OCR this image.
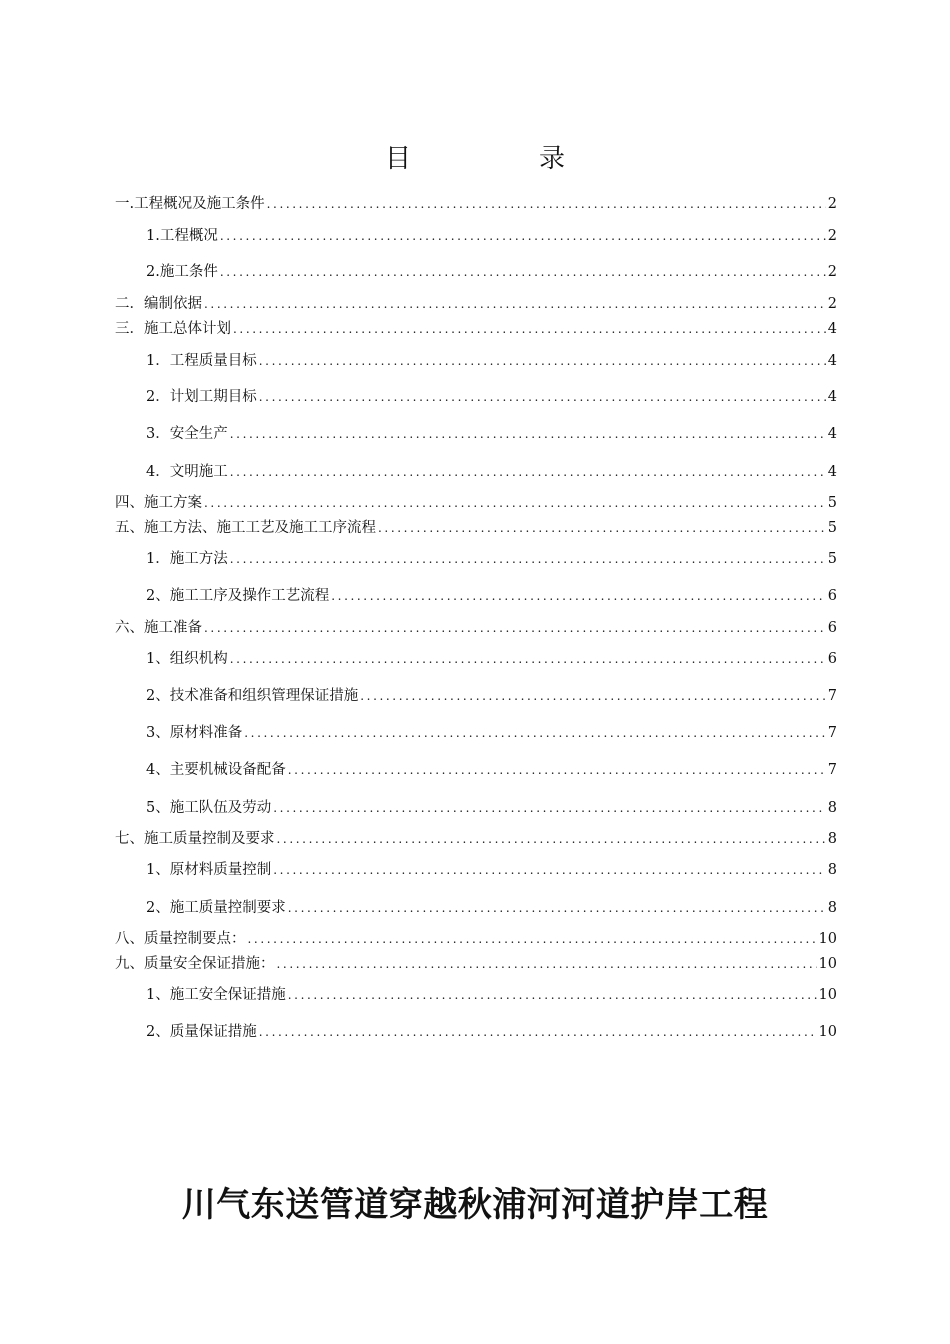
目	录
一.工程概况及施工条件 .....	2
1.工程概况 .....	2
2.施工条件 .....	2
二．编制依据 .....	2
三．施工总体计划 .....	4
1．工程质量目标 .....	4
2．计划工期目标 .....	4
3．安全生产 .....	4
4．文明施工 .....	4
四、施工方案 .....	5
五、施工方法、施工工艺及施工工序流程 .....	5
1．施工方法 .....	5
2、施工工序及操作工艺流程 .....	6
六、施工准备 .....	6
1、组织机构 .....	6
2、技术准备和组织管理保证措施 .....	7
3、原材料准备 .....	7
4、主要机械设备配备 .....	7
5、施工队伍及劳动 .....	8
七、施工质量控制及要求 .....	8
1、原材料质量控制 .....	8
2、施工质量控制要求 .....	8
八、质量控制要点： .....	10
九、质量安全保证措施： .....	10
1、施工安全保证措施 .....	10
2、质量保证措施 .....	10
川气东送管道穿越秋浦河河道护岸工程
